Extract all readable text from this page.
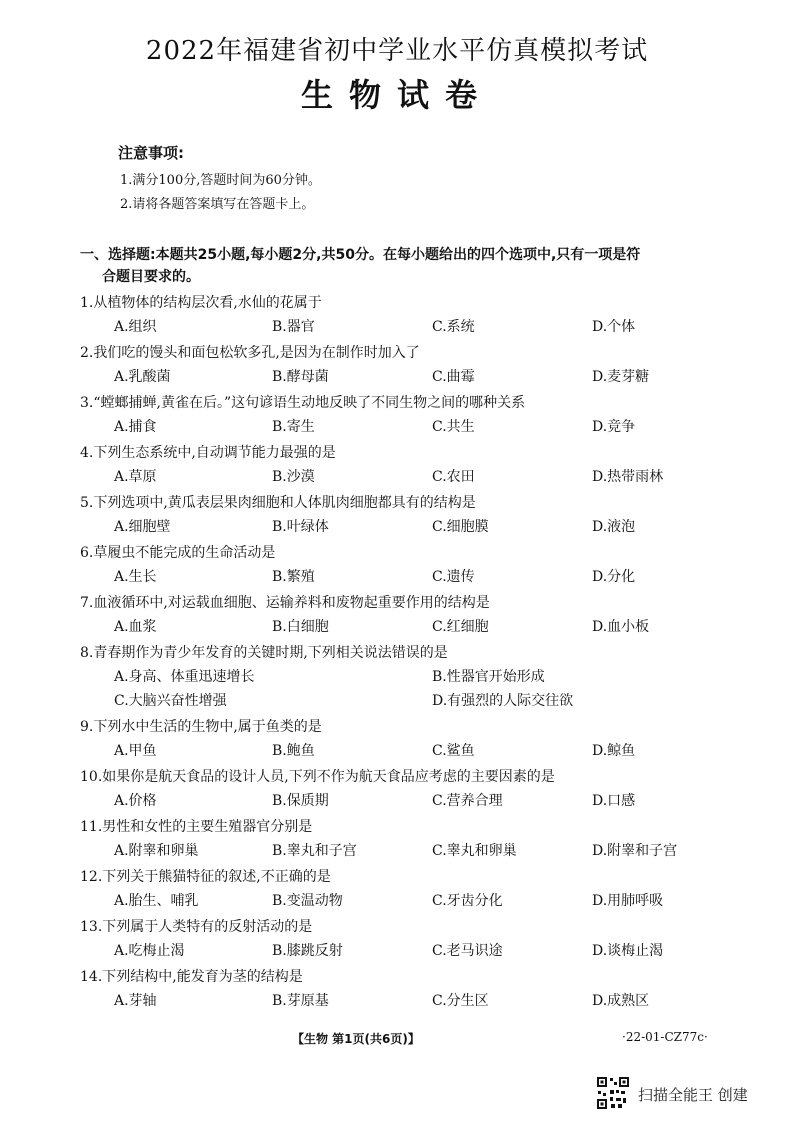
2022年福建省初中学业水平仿真模拟考试
生物试卷
注意事项:
1.满分100分,答题时间为60分钟。
2.请将各题答案填写在答题卡上。
一、选择题:本题共25小题,每小题2分,共50分。在每小题给出的四个选项中,只有一项是符
合题目要求的。
1.从植物体的结构层次看,水仙的花属于
A.组织	B.器官	C.系统	D.个体
2.我们吃的馒头和面包松软多孔,是因为在制作时加入了
A.乳酸菌	B.酵母菌	C.曲霉	D.麦芽糖
3.“螳螂捕蝉,黄雀在后。”这句谚语生动地反映了不同生物之间的哪种关系
A.捕食	B.寄生	C.共生	D.竞争
4.下列生态系统中,自动调节能力最强的是
A.草原	B.沙漠	C.农田	D.热带雨林
5.下列选项中,黄瓜表层果肉细胞和人体肌肉细胞都具有的结构是
A.细胞壁	B.叶绿体	C.细胞膜	D.液泡
6.草履虫不能完成的生命活动是
A.生长	B.繁殖	C.遗传	D.分化
7.血液循环中,对运载血细胞、运输养料和废物起重要作用的结构是
A.血浆	B.白细胞	C.红细胞	D.血小板
8.青春期作为青少年发育的关键时期,下列相关说法错误的是
A.身高、体重迅速增长	B.性器官开始形成
C.大脑兴奋性增强	D.有强烈的人际交往欲
9.下列水中生活的生物中,属于鱼类的是
A.甲鱼	B.鲍鱼	C.鲨鱼	D.鲸鱼
10.如果你是航天食品的设计人员,下列不作为航天食品应考虑的主要因素的是
A.价格	B.保质期	C.营养合理	D.口感
11.男性和女性的主要生殖器官分别是
A.附睾和卵巢	B.睾丸和子宫	C.睾丸和卵巢	D.附睾和子宫
12.下列关于熊猫特征的叙述,不正确的是
A.胎生、哺乳	B.变温动物	C.牙齿分化	D.用肺呼吸
13.下列属于人类特有的反射活动的是
A.吃梅止渴	B.膝跳反射	C.老马识途	D.谈梅止渴
14.下列结构中,能发育为茎的结构是
A.芽轴	B.芽原基	C.分生区	D.成熟区
【生物 第1页(共6页)】	·22-01-CZ77c·
扫描全能王 创建
